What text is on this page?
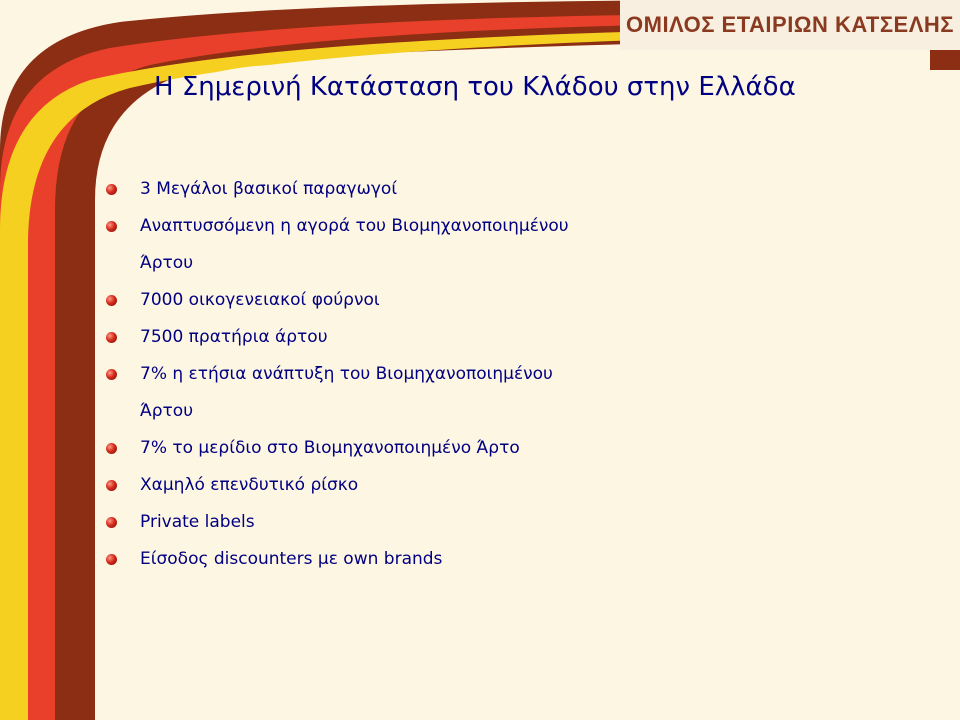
ΟΜΙΛΟΣ ΕΤΑΙΡΙΩΝ ΚΑΤΣΕΛΗΣ
Η Σημερινή Κατάσταση του Κλάδου στην Ελλάδα
3 Μεγάλοι βασικοί παραγωγοί
Αναπτυσσόμενη η αγορά του Βιομηχανοποιημένου
Άρτου
7000 οικογενειακοί φούρνοι
7500 πρατήρια άρτου
7% η ετήσια ανάπτυξη του Βιομηχανοποιημένου
Άρτου
7% το μερίδιο στο Βιομηχανοποιημένο Άρτο
Χαμηλό επενδυτικό ρίσκο
Private labels
Είσοδος discounters με own brands
